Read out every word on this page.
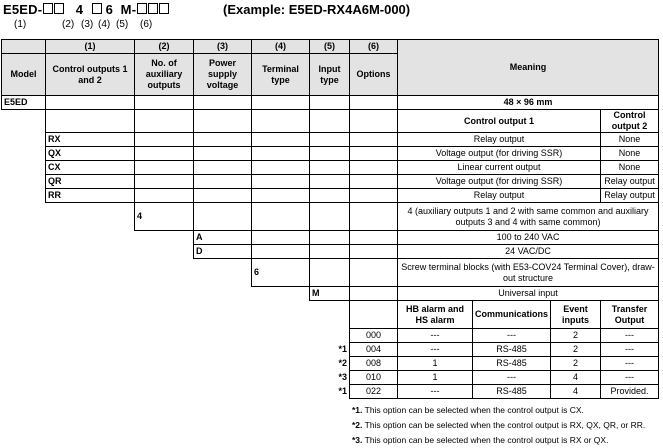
E5ED-	4 6 M-	(Example: E5ED-RX4A6M-000)
(1)	(2) (3) (4) (5) (6)
	(1)	(2)	(3)	(4)	(5)	(6)	Meaning			
Model	Control outputs 1 and 2	No. of auxiliary outputs	Power supply voltage	Terminal type	Input type	Options				
E5ED							48 × 96 mm			
							Control output 1			Control output 2
	RX						Relay output			None
	QX						Voltage output (for driving SSR)			None
	CX						Linear current output			None
	QR						Voltage output (for driving SSR)			Relay output
	RR						Relay output			Relay output
		4					4 (auxiliary outputs 1 and 2 with same common and auxiliary outputs 3 and 4 with same common)			
			A				100 to 240 VAC			
			D				24 VAC/DC			
				6			Screw terminal blocks (with E53-COV24 Terminal Cover), draw-out structure			
					M		Universal input			
							HB alarm and HS alarm	Communications	Event inputs	Transfer Output
						000	---	---	2	---
					*1	004	---	RS-485	2	---
					*2	008	1	RS-485	2	---
					*3	010	1	---	4	---
					*1	022	---	RS-485	4	Provided.
*1. This option can be selected when the control output is CX.
*2. This option can be selected when the control output is RX, QX, QR, or RR.
*3. This option can be selected when the control output is RX or QX.
